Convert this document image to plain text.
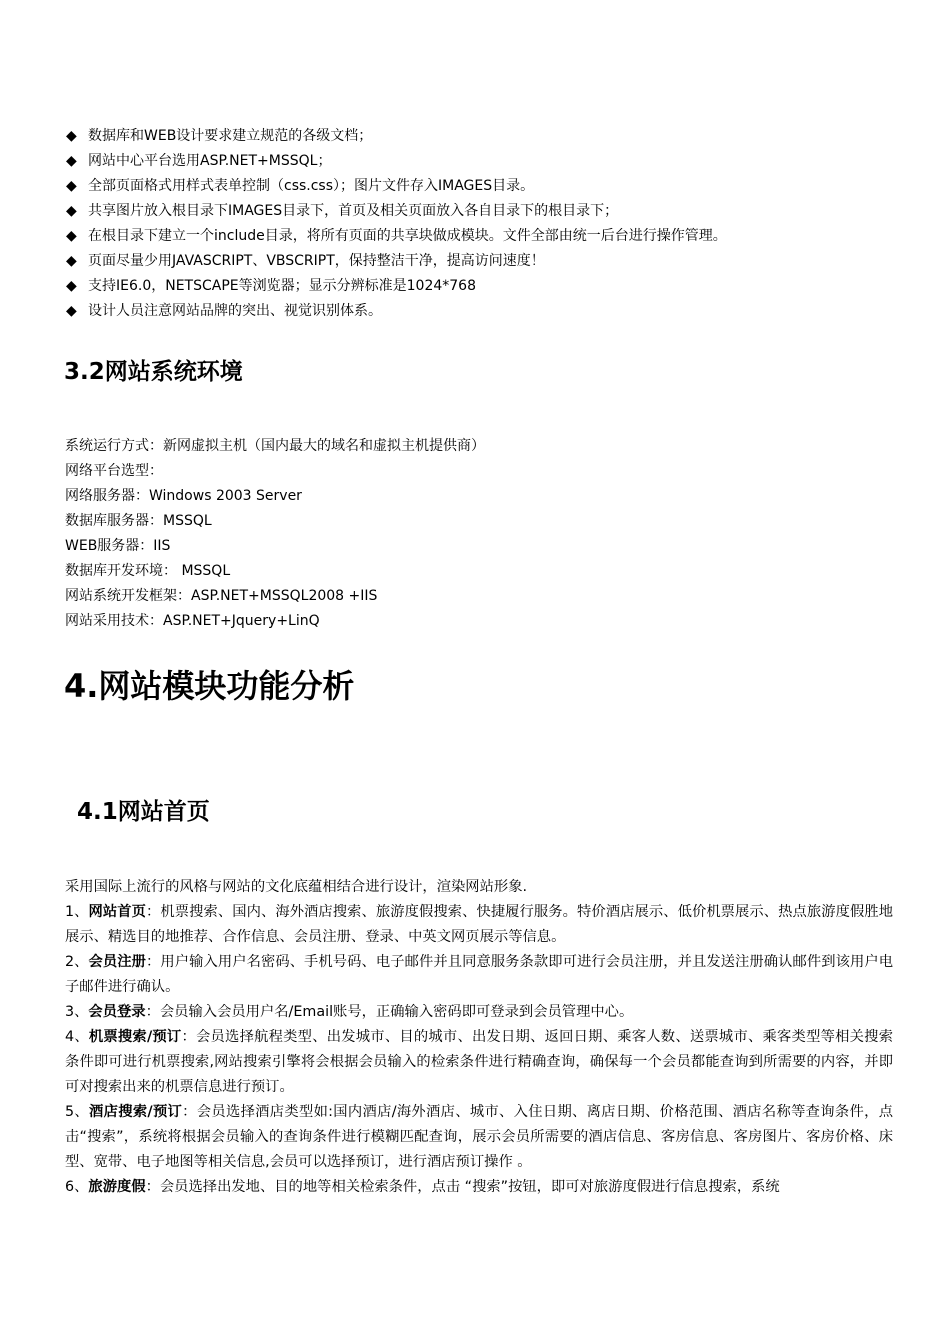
◆ 数据库和WEB设计要求建立规范的各级文档；
◆ 网站中心平台选用ASP.NET+MSSQL；
◆ 全部页面格式用样式表单控制（css.css）；图片文件存入IMAGES目录。
◆ 共享图片放入根目录下IMAGES目录下，首页及相关页面放入各自目录下的根目录下；
◆ 在根目录下建立一个include目录，将所有页面的共享块做成模块。文件全部由统一后台进行操作管理。
◆ 页面尽量少用JAVASCRIPT、VBSCRIPT，保持整洁干净，提高访问速度！
◆ 支持IE6.0，NETSCAPE等浏览器；显示分辨标准是1024*768
◆ 设计人员注意网站品牌的突出、视觉识别体系。
3.2网站系统环境
系统运行方式：新网虚拟主机（国内最大的域名和虚拟主机提供商）
网络平台选型：
网络服务器：Windows 2003 Server
数据库服务器：MSSQL
WEB服务器：IIS
数据库开发环境： MSSQL
网站系统开发框架：ASP.NET+MSSQL2008 +IIS
网站采用技术：ASP.NET+Jquery+LinQ
4.网站模块功能分析
4.1网站首页
采用国际上流行的风格与网站的文化底蕴相结合进行设计，渲染网站形象.
1、网站首页：机票搜索、国内、海外酒店搜索、旅游度假搜索、快捷履行服务。特价酒店展示、低价机票展示、热点旅游度假胜地展示、精选目的地推荐、合作信息、会员注册、登录、中英文网页展示等信息。
2、会员注册：用户输入用户名密码、手机号码、电子邮件并且同意服务条款即可进行会员注册，并且发送注册确认邮件到该用户电子邮件进行确认。
3、会员登录：会员输入会员用户名/Email账号，正确输入密码即可登录到会员管理中心。
4、机票搜索/预订：会员选择航程类型、出发城市、目的城市、出发日期、返回日期、乘客人数、送票城市、乘客类型等相关搜索条件即可进行机票搜索,网站搜索引擎将会根据会员输入的检索条件进行精确查询，确保每一个会员都能查询到所需要的内容，并即可对搜索出来的机票信息进行预订。
5、酒店搜索/预订：会员选择酒店类型如:国内酒店/海外酒店、城市、入住日期、离店日期、价格范围、酒店名称等查询条件，点击“搜索”，系统将根据会员输入的查询条件进行模糊匹配查询，展示会员所需要的酒店信息、客房信息、客房图片、客房价格、床型、宽带、电子地图等相关信息,会员可以选择预订，进行酒店预订操作 。
6、旅游度假：会员选择出发地、目的地等相关检索条件，点击 “搜索”按钮，即可对旅游度假进行信息搜索，系统
